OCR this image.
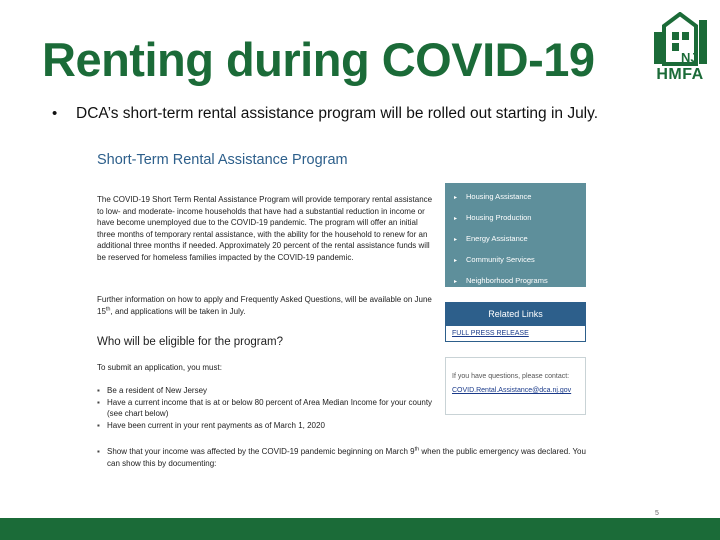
Renting during COVID-19	NJ
HMFA
• DCA’s short-term rental assistance program will be rolled out starting in July.
Short-Term Rental Assistance Program
The COVID-19 Short Term Rental Assistance Program will provide temporary rental assistance to low- and moderate- income households that have had a substantial reduction in income or have become unemployed due to the COVID-19 pandemic. The program will offer an initial three months of temporary rental assistance, with the ability for the household to renew for an additional three months if needed. Approximately 20 percent of the rental assistance funds will be reserved for homeless families impacted by the COVID-19 pandemic.
Further information on how to apply and Frequently Asked Questions, will be available on June 15th, and applications will be taken in July.
Who will be eligible for the program?
To submit an application, you must:
▪ Be a resident of New Jersey
▪ Have a current income that is at or below 80 percent of Area Median Income for your county (see chart below)
▪ Have been current in your rent payments as of March 1, 2020
▪ Show that your income was affected by the COVID-19 pandemic beginning on March 9th when the public emergency was declared. You can show this by documenting:
▸ Housing Assistance
▸ Housing Production
▸ Energy Assistance
▸ Community Services
▸ Neighborhood Programs
Related Links
FULL PRESS RELEASE
If you have questions, please contact:
COVID.Rental.Assistance@dca.nj.gov
5
